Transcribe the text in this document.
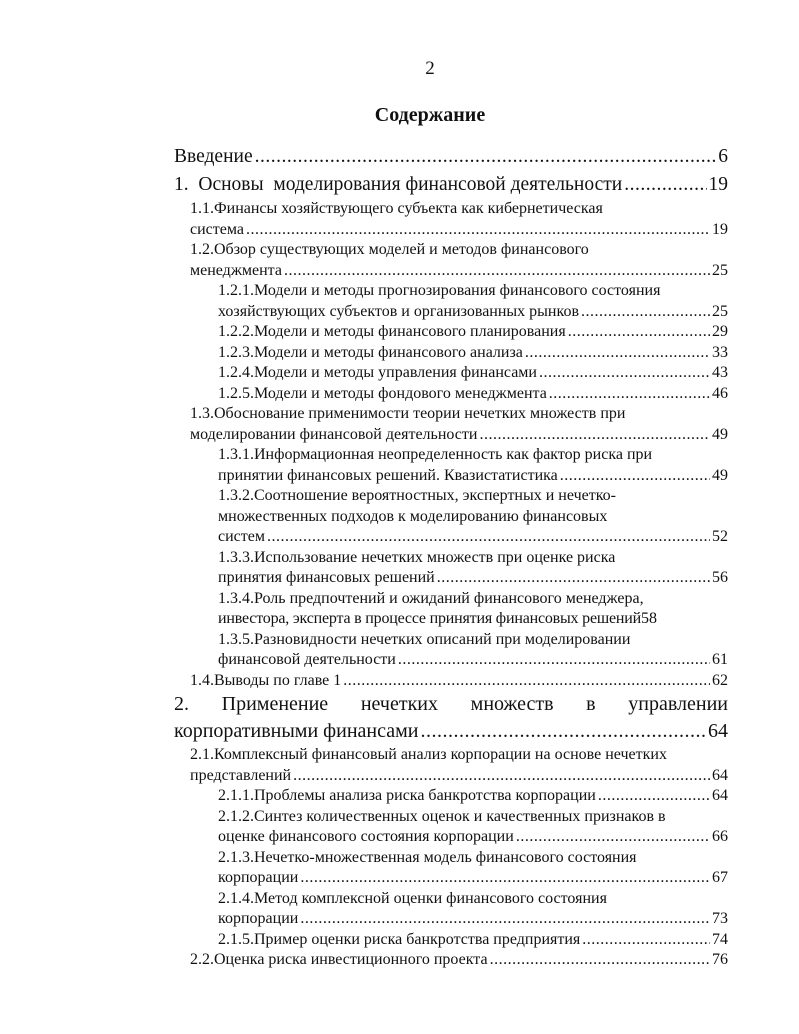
2
Содержание
Введение .....	6
1.  Основы  моделирования финансовой деятельности .....	19
1.1.Финансы хозяйствующего субъекта как кибернетическая
система .....	19
1.2.Обзор существующих моделей и методов финансового
менеджмента .....	25
1.2.1.Модели и методы прогнозирования финансового состояния
хозяйствующих субъектов и организованных рынков .....	25
1.2.2.Модели и методы финансового планирования .....	29
1.2.3.Модели и методы финансового анализа .....	33
1.2.4.Модели и методы управления финансами .....	43
1.2.5.Модели и методы фондового менеджмента .....	46
1.3.Обоснование применимости теории нечетких множеств при
моделировании финансовой деятельности .....	49
1.3.1.Информационная неопределенность как фактор риска при
принятии финансовых решений. Квазистатистика .....	49
1.3.2.Соотношение вероятностных, экспертных и нечетко-
множественных подходов к моделированию финансовых
систем .....	52
1.3.3.Использование нечетких множеств при оценке риска
принятия финансовых решений .....	56
1.3.4.Роль предпочтений и ожиданий финансового менеджера,
инвестора, эксперта в процессе принятия финансовых решений 58
1.3.5.Разновидности нечетких описаний при моделировании
финансовой деятельности .....	61
1.4.Выводы по главе 1 .....	62
2. Применение нечетких множеств в управлении
корпоративными финансами .....	64
2.1.Комплексный финансовый анализ корпорации на основе нечетких
представлений .....	64
2.1.1.Проблемы анализа риска банкротства корпорации .....	64
2.1.2.Синтез количественных оценок и качественных признаков в
оценке финансового состояния корпорации .....	66
2.1.3.Нечетко-множественная модель финансового состояния
корпорации .....	67
2.1.4.Метод комплексной оценки финансового состояния
корпорации .....	73
2.1.5.Пример оценки риска банкротства предприятия .....	74
2.2.Оценка риска инвестиционного проекта .....	76
